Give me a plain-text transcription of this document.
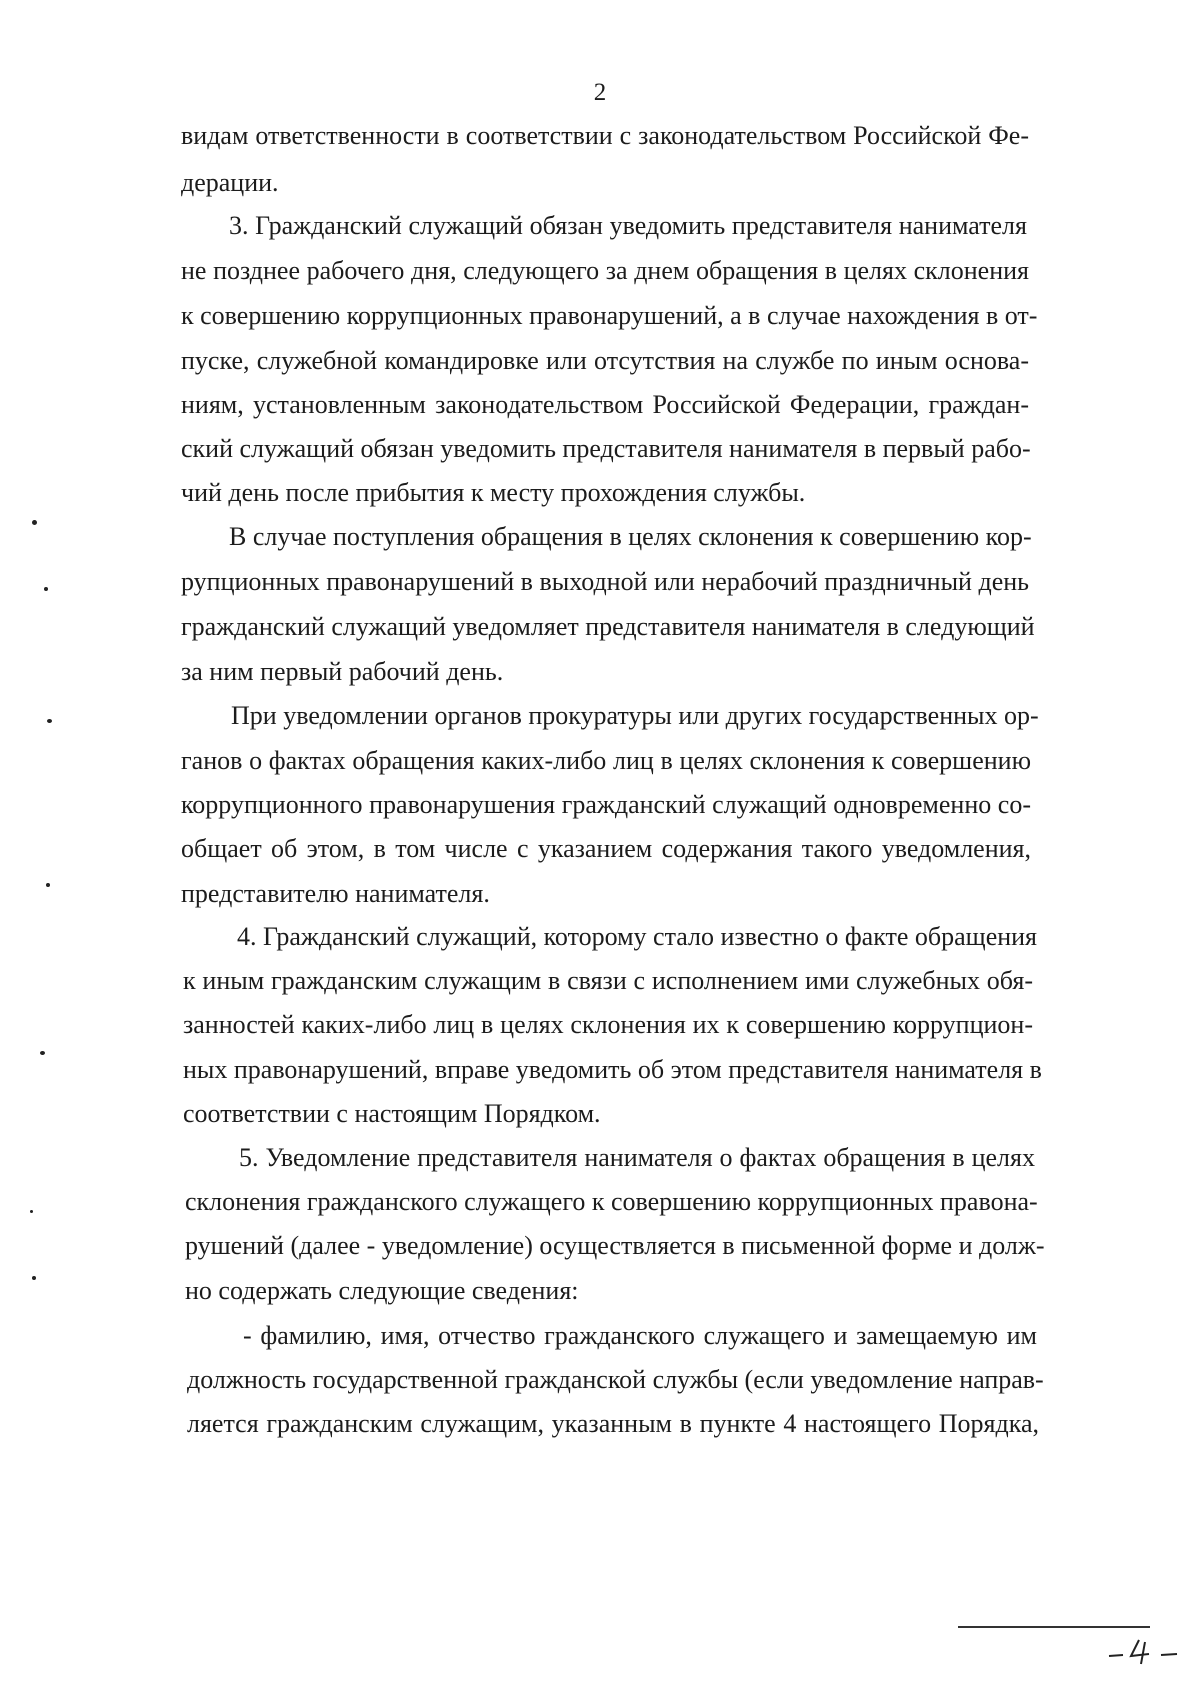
2
видам ответственности в соответствии с законодательством Российской Фе-
дерации.
3. Гражданский служащий обязан уведомить представителя нанимателя
не позднее рабочего дня, следующего за днем обращения в целях склонения
к совершению коррупционных правонарушений, а в случае нахождения в от-
пуске, служебной командировке или отсутствия на службе по иным основа-
ниям, установленным законодательством Российской Федерации, граждан-
ский служащий обязан уведомить представителя нанимателя в первый рабо-
чий день после прибытия к месту прохождения службы.
В случае поступления обращения в целях склонения к совершению кор-
рупционных правонарушений в выходной или нерабочий праздничный день
гражданский служащий уведомляет представителя нанимателя в следующий
за ним первый рабочий день.
При уведомлении органов прокуратуры или других государственных ор-
ганов о фактах обращения каких-либо лиц в целях склонения к совершению
коррупционного правонарушения гражданский служащий одновременно со-
общает об этом, в том числе с указанием содержания такого уведомления,
представителю нанимателя.
4. Гражданский служащий, которому стало известно о факте обращения
к иным гражданским служащим в связи с исполнением ими служебных обя-
занностей каких-либо лиц в целях склонения их к совершению коррупцион-
ных правонарушений, вправе уведомить об этом представителя нанимателя в
соответствии с настоящим Порядком.
5. Уведомление представителя нанимателя о фактах обращения в целях
склонения гражданского служащего к совершению коррупционных правона-
рушений (далее - уведомление) осуществляется в письменной форме и долж-
но содержать следующие сведения:
- фамилию, имя, отчество гражданского служащего и замещаемую им
должность государственной гражданской службы (если уведомление направ-
ляется гражданским служащим, указанным в пункте 4 настоящего Порядка,
